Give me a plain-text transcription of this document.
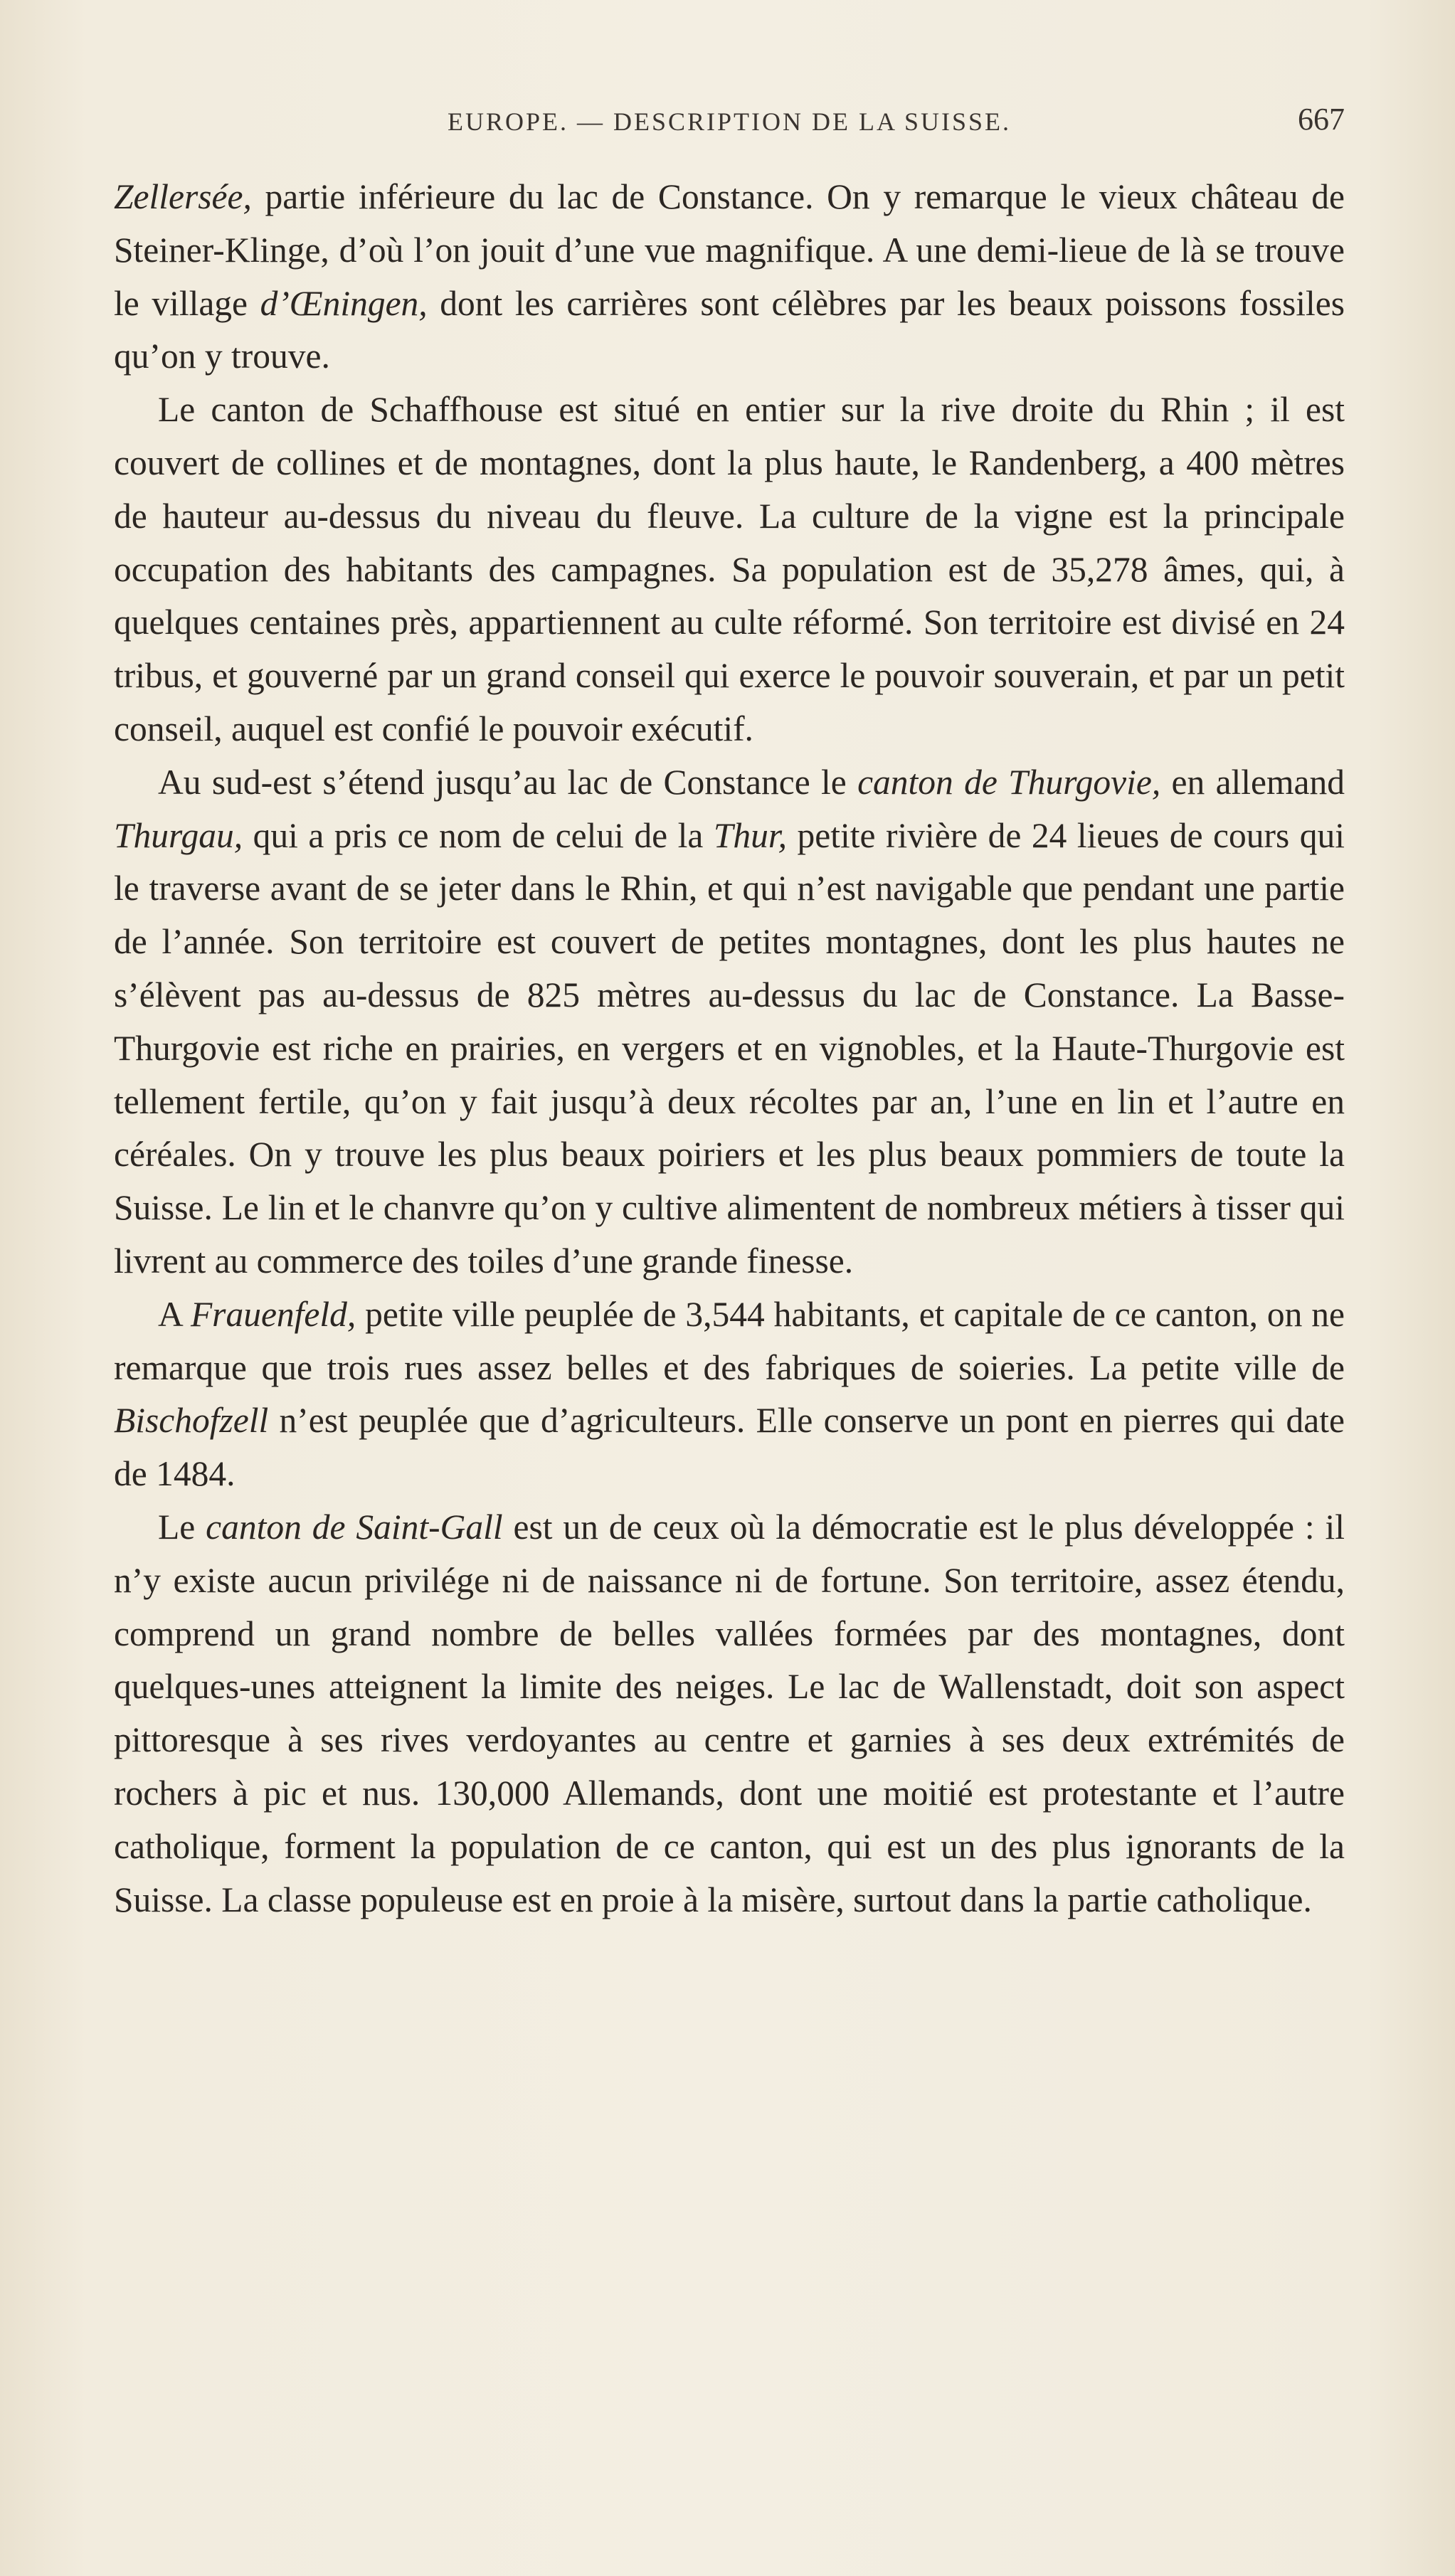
EUROPE. — DESCRIPTION DE LA SUISSE.	667

Zellersée, partie inférieure du lac de Constance. On y remarque le vieux château de Steiner-Klinge, d’où l’on jouit d’une vue magnifique. A une demi-lieue de là se trouve le village d’Œningen, dont les carrières sont célèbres par les beaux poissons fossiles qu’on y trouve.

Le canton de Schaffhouse est situé en entier sur la rive droite du Rhin ; il est couvert de collines et de montagnes, dont la plus haute, le Randenberg, a 400 mètres de hauteur au-dessus du niveau du fleuve. La culture de la vigne est la principale occupation des habitants des campagnes. Sa population est de 35,278 âmes, qui, à quelques centaines près, appartiennent au culte réformé. Son territoire est divisé en 24 tribus, et gouverné par un grand conseil qui exerce le pouvoir souverain, et par un petit conseil, auquel est confié le pouvoir exécutif.

Au sud-est s’étend jusqu’au lac de Constance le canton de Thurgovie, en allemand Thurgau, qui a pris ce nom de celui de la Thur, petite rivière de 24 lieues de cours qui le traverse avant de se jeter dans le Rhin, et qui n’est navigable que pendant une partie de l’année. Son territoire est couvert de petites montagnes, dont les plus hautes ne s’élèvent pas au-dessus de 825 mètres au-dessus du lac de Constance. La Basse-Thurgovie est riche en prairies, en vergers et en vignobles, et la Haute-Thurgovie est tellement fertile, qu’on y fait jusqu’à deux récoltes par an, l’une en lin et l’autre en céréales. On y trouve les plus beaux poiriers et les plus beaux pommiers de toute la Suisse. Le lin et le chanvre qu’on y cultive alimentent de nombreux métiers à tisser qui livrent au commerce des toiles d’une grande finesse.

A Frauenfeld, petite ville peuplée de 3,544 habitants, et capitale de ce canton, on ne remarque que trois rues assez belles et des fabriques de soieries. La petite ville de Bischofzell n’est peuplée que d’agriculteurs. Elle conserve un pont en pierres qui date de 1484.

Le canton de Saint-Gall est un de ceux où la démocratie est le plus développée : il n’y existe aucun privilége ni de naissance ni de fortune. Son territoire, assez étendu, comprend un grand nombre de belles vallées formées par des montagnes, dont quelques-unes atteignent la limite des neiges. Le lac de Wallenstadt, doit son aspect pittoresque à ses rives verdoyantes au centre et garnies à ses deux extrémités de rochers à pic et nus. 130,000 Allemands, dont une moitié est protestante et l’autre catholique, forment la population de ce canton, qui est un des plus ignorants de la Suisse. La classe populeuse est en proie à la misère, surtout dans la partie catholique.
